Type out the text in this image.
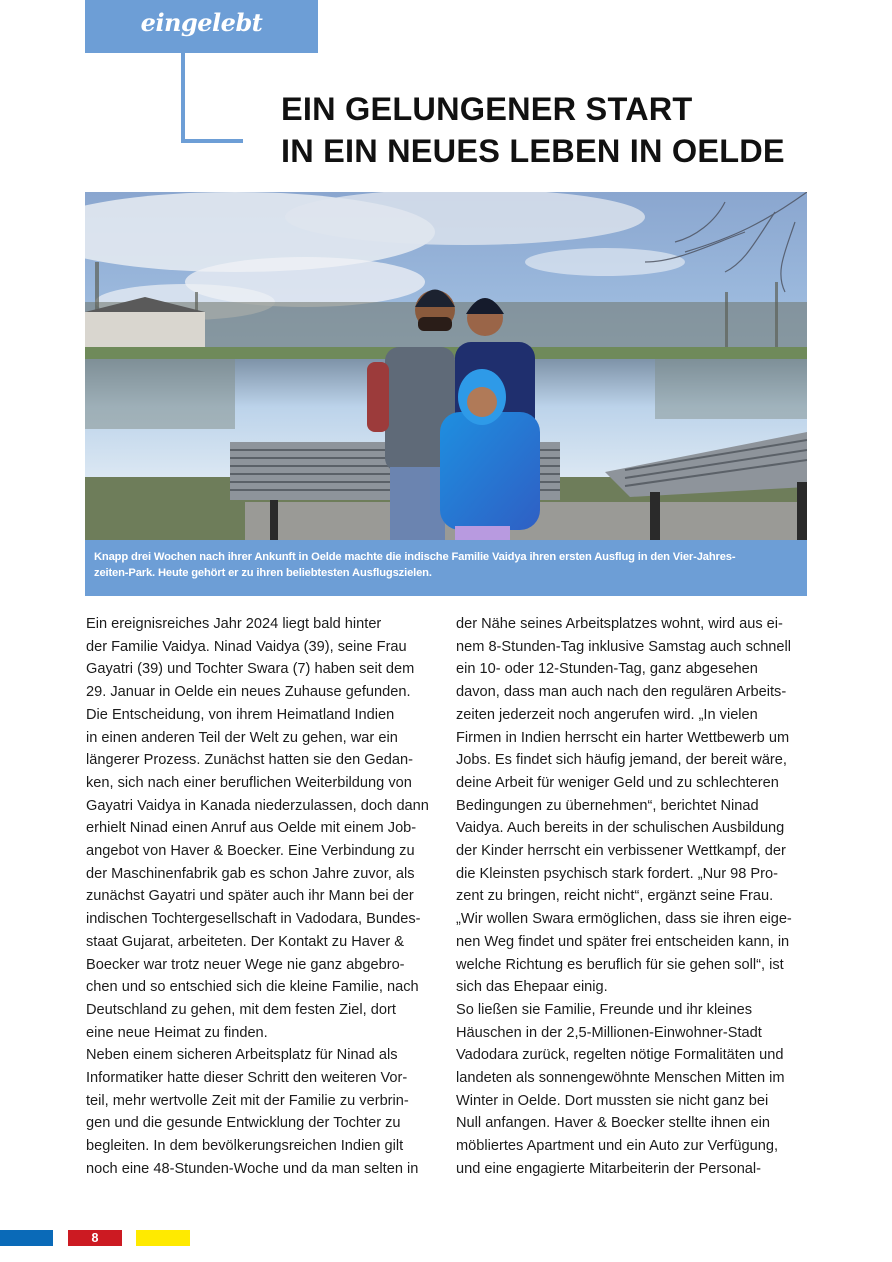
eingelebt
EIN GELUNGENER START
IN EIN NEUES LEBEN IN OELDE
Knapp drei Wochen nach ihrer Ankunft in Oelde machte die indische Familie Vaidya ihren ersten Ausflug in den Vier-Jahres-
zeiten-Park. Heute gehört er zu ihren beliebtesten Ausflugszielen.
Ein ereignisreiches Jahr 2024 liegt bald hinter
der Familie Vaidya. Ninad Vaidya (39), seine Frau
Gayatri (39) und Tochter Swara (7) haben seit dem
29. Januar in Oelde ein neues Zuhause gefunden.
Die Entscheidung, von ihrem Heimatland Indien
in einen anderen Teil der Welt zu gehen, war ein
längerer Prozess. Zunächst hatten sie den Gedan-
ken, sich nach einer beruflichen Weiterbildung von
Gayatri Vaidya in Kanada niederzulassen, doch dann
erhielt Ninad einen Anruf aus Oelde mit einem Job-
angebot von Haver & Boecker. Eine Verbindung zu
der Maschinenfabrik gab es schon Jahre zuvor, als
zunächst Gayatri und später auch ihr Mann bei der
indischen Tochtergesellschaft in Vadodara, Bundes-
staat Gujarat, arbeiteten. Der Kontakt zu Haver &
Boecker war trotz neuer Wege nie ganz abgebro-
chen und so entschied sich die kleine Familie, nach
Deutschland zu gehen, mit dem festen Ziel, dort
eine neue Heimat zu finden.
Neben einem sicheren Arbeitsplatz für Ninad als
Informatiker hatte dieser Schritt den weiteren Vor-
teil, mehr wertvolle Zeit mit der Familie zu verbrin-
gen und die gesunde Entwicklung der Tochter zu
begleiten. In dem bevölkerungsreichen Indien gilt
noch eine 48-Stunden-Woche und da man selten in
der Nähe seines Arbeitsplatzes wohnt, wird aus ei-
nem 8-Stunden-Tag inklusive Samstag auch schnell
ein 10- oder 12-Stunden-Tag, ganz abgesehen
davon, dass man auch nach den regulären Arbeits-
zeiten jederzeit noch angerufen wird. „In vielen
Firmen in Indien herrscht ein harter Wettbewerb um
Jobs. Es findet sich häufig jemand, der bereit wäre,
deine Arbeit für weniger Geld und zu schlechteren
Bedingungen zu übernehmen“, berichtet Ninad
Vaidya. Auch bereits in der schulischen Ausbildung
der Kinder herrscht ein verbissener Wettkampf, der
die Kleinsten psychisch stark fordert. „Nur 98 Pro-
zent zu bringen, reicht nicht“, ergänzt seine Frau.
„Wir wollen Swara ermöglichen, dass sie ihren eige-
nen Weg findet und später frei entscheiden kann, in
welche Richtung es beruflich für sie gehen soll“, ist
sich das Ehepaar einig.
So ließen sie Familie, Freunde und ihr kleines
Häuschen in der 2,5-Millionen-Einwohner-Stadt
Vadodara zurück, regelten nötige Formalitäten und
landeten als sonnengewöhnte Menschen Mitten im
Winter in Oelde. Dort mussten sie nicht ganz bei
Null anfangen. Haver & Boecker stellte ihnen ein
möbliertes Apartment und ein Auto zur Verfügung,
und eine engagierte Mitarbeiterin der Personal-
8
